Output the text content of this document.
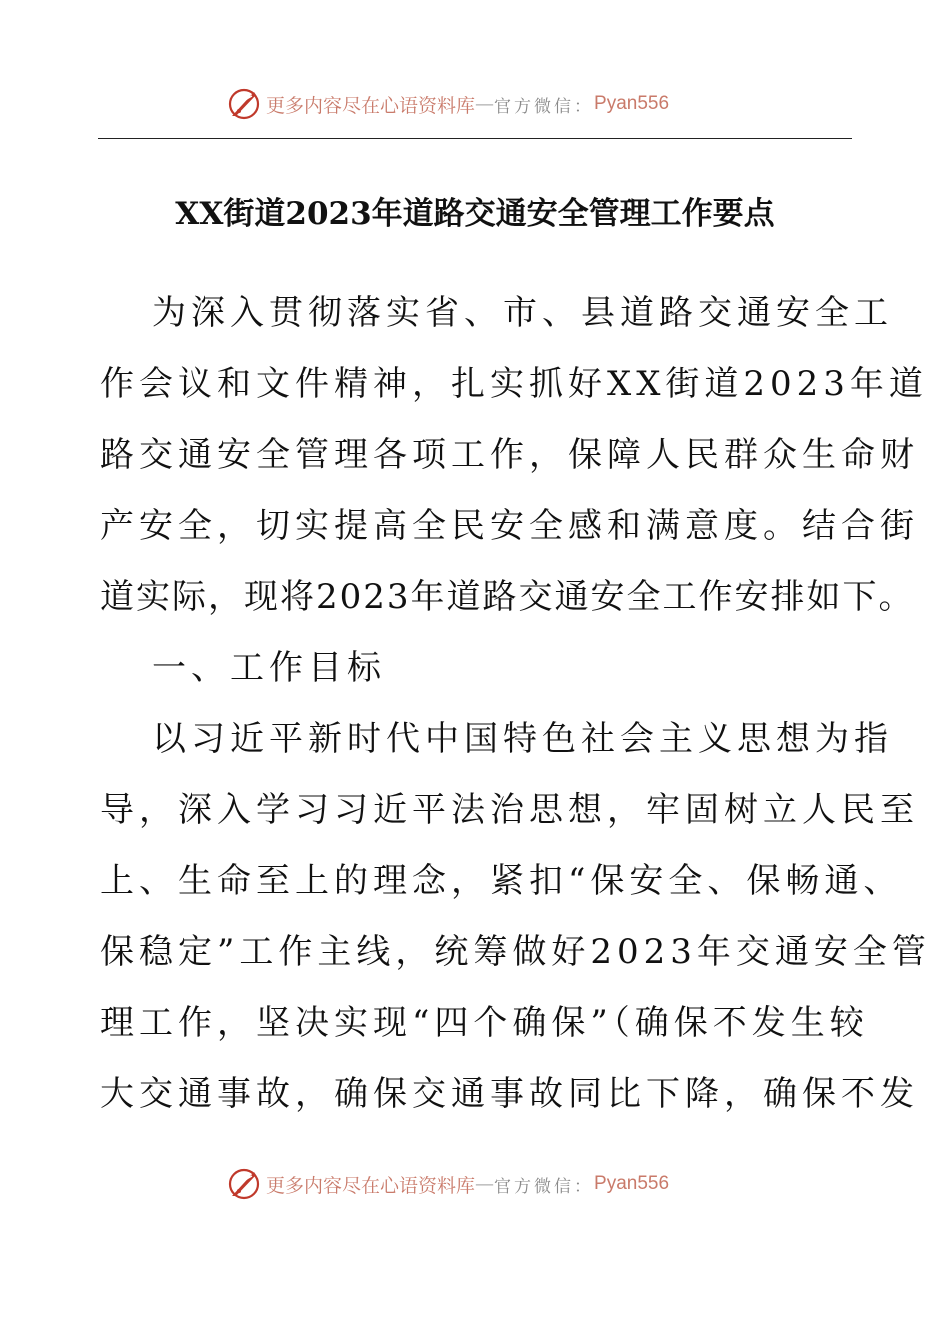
更多内容尽在心语资料库 — 官方微信： Pyan556
XX街道2023年道路交通安全管理工作要点

为深入贯彻落实省、市、县道路交通安全工
作会议和文件精神，扎实抓好XX街道2023年道
路交通安全管理各项工作，保障人民群众生命财
产安全，切实提高全民安全感和满意度。结合街
道实际，现将2023年道路交通安全工作安排如下。

一、工作目标

以习近平新时代中国特色社会主义思想为指
导，深入学习习近平法治思想，牢固树立人民至
上、生命至上的理念，紧扣“保安全、保畅通、
保稳定”工作主线，统筹做好2023年交通安全管
理工作，坚决实现“四个确保”（确保不发生较
大交通事故，确保交通事故同比下降，确保不发

更多内容尽在心语资料库 — 官方微信： Pyan556
